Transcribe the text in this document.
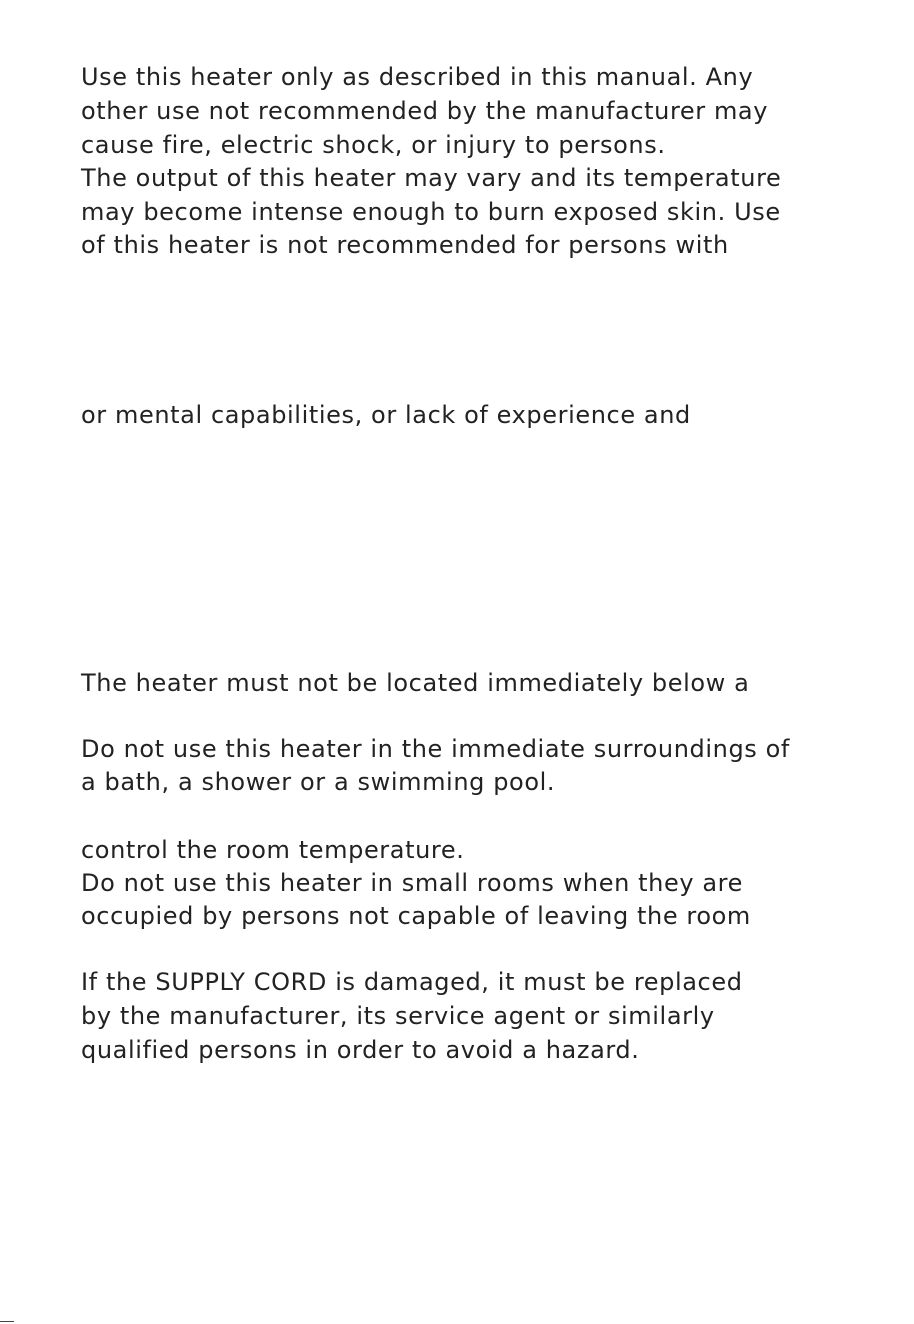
Use this heater only as described in this manual. Any

other use not recommended by the manufacturer may

cause fire, electric shock, or injury to persons.

The output of this heater may vary and its temperature

may become intense enough to burn exposed skin. Use

of this heater is not recommended for persons with

or mental capabilities, or lack of experience and

The heater must not be located immediately below a

Do not use this heater in the immediate surroundings of

a bath, a shower or a swimming pool.

control the room temperature.

Do not use this heater in small rooms when they are

occupied by persons not capable of leaving the room

If the SUPPLY CORD is damaged, it must be replaced

by the manufacturer, its service agent or similarly

qualified persons in order to avoid a hazard.
